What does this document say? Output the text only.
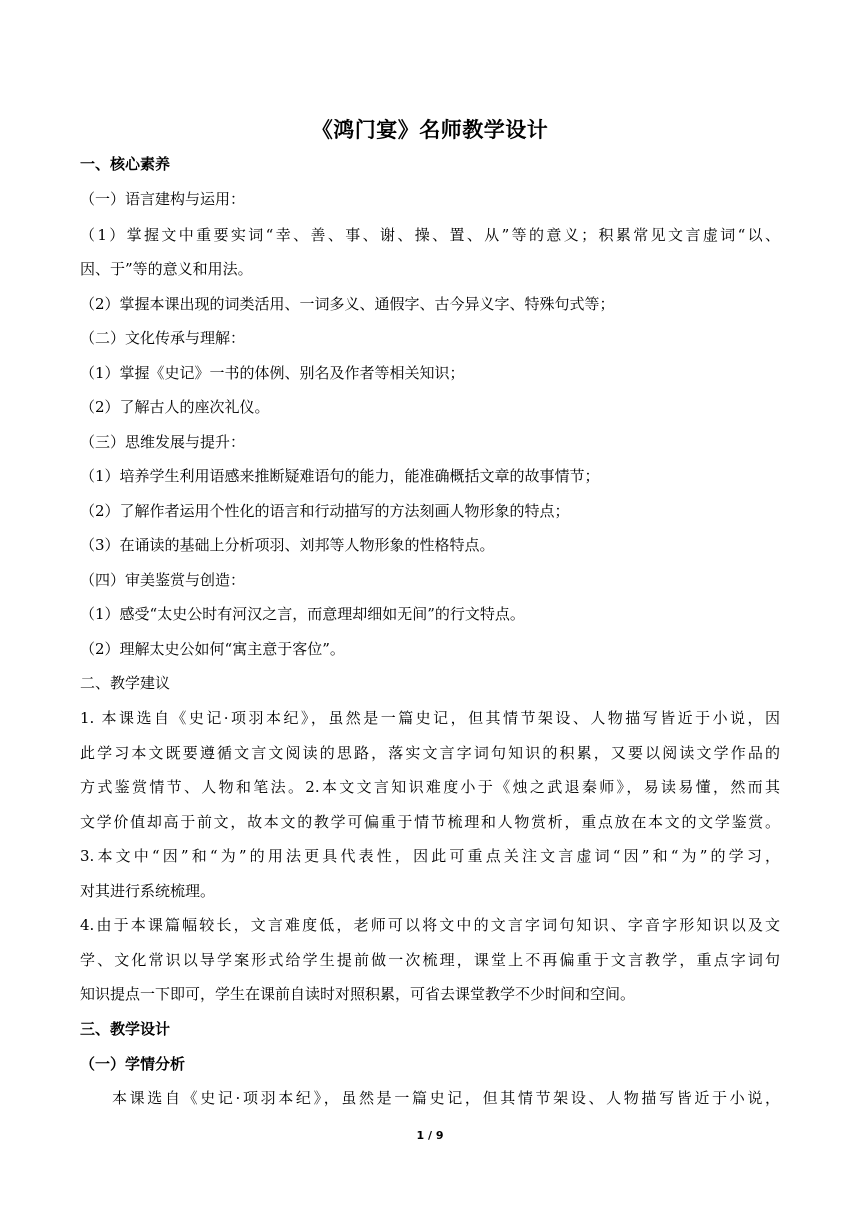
《鸿门宴》名师教学设计
一、核心素养
（一）语言建构与运用：
（1）掌握文中重要实词“幸、善、事、谢、操、置、从”等的意义；积累常见文言虚词“以、
因、于”等的意义和用法。
（2）掌握本课出现的词类活用、一词多义、通假字、古今异义字、特殊句式等；
（二）文化传承与理解：
（1）掌握《史记》一书的体例、别名及作者等相关知识；
（2）了解古人的座次礼仪。
（三）思维发展与提升：
（1）培养学生利用语感来推断疑难语句的能力，能准确概括文章的故事情节；
（2）了解作者运用个性化的语言和行动描写的方法刻画人物形象的特点；
（3）在诵读的基础上分析项羽、刘邦等人物形象的性格特点。
（四）审美鉴赏与创造：
（1）感受“太史公时有河汉之言，而意理却细如无间”的行文特点。
（2）理解太史公如何“寓主意于客位”。
二、教学建议
1. 本课选自《史记·项羽本纪》，虽然是一篇史记，但其情节架设、人物描写皆近于小说，因
此学习本文既要遵循文言文阅读的思路，落实文言字词句知识的积累，又要以阅读文学作品的
方式鉴赏情节、人物和笔法。2.本文文言知识难度小于《烛之武退秦师》，易读易懂，然而其
文学价值却高于前文，故本文的教学可偏重于情节梳理和人物赏析，重点放在本文的文学鉴赏。
3.本文中“因”和“为”的用法更具代表性，因此可重点关注文言虚词“因”和“为”的学习，
对其进行系统梳理。
4.由于本课篇幅较长，文言难度低，老师可以将文中的文言字词句知识、字音字形知识以及文
学、文化常识以导学案形式给学生提前做一次梳理，课堂上不再偏重于文言教学，重点字词句
知识提点一下即可，学生在课前自读时对照积累，可省去课堂教学不少时间和空间。
三、教学设计
（一）学情分析
本课选自《史记·项羽本纪》，虽然是一篇史记，但其情节架设、人物描写皆近于小说，
1 / 9
